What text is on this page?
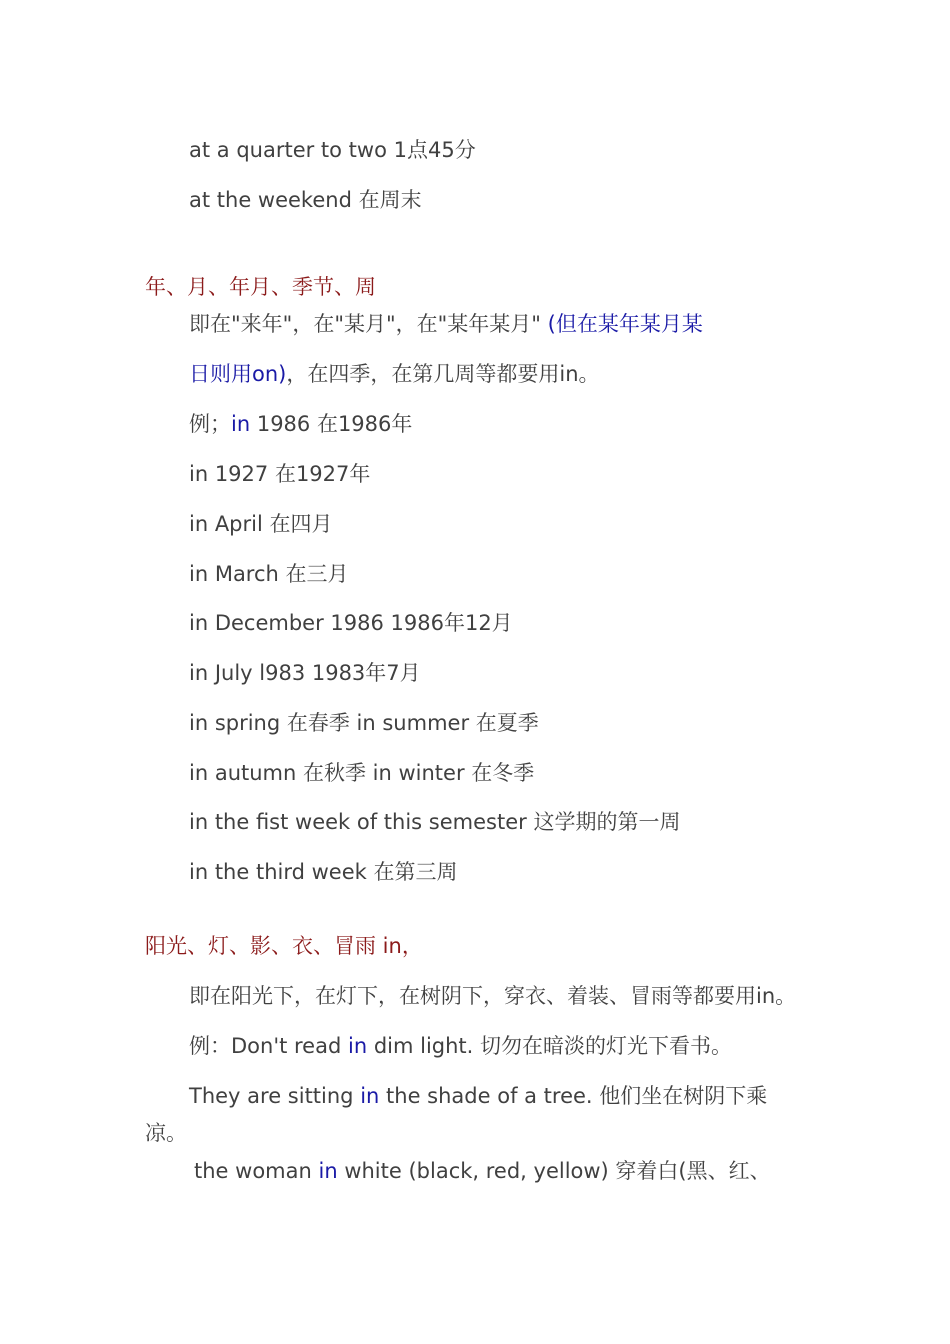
at a quarter to two 1点45分
at the weekend 在周末
年、月、年月、季节、周
即在"来年"，在"某月"，在"某年某月" (但在某年某月某
日则用on)，在四季，在第几周等都要用in。
例；in 1986 在1986年
in 1927 在1927年
in April 在四月
in March 在三月
in December 1986 1986年12月
in July l983 1983年7月
in spring 在春季 in summer 在夏季
in autumn 在秋季 in winter 在冬季
in the fist week of this semester 这学期的第一周
in the third week 在第三周
阳光、灯、影、衣、冒雨 in，
即在阳光下，在灯下，在树阴下，穿衣、着装、冒雨等都要用in。
例：Don't read in dim light. 切勿在暗淡的灯光下看书。
They are sitting in the shade of a tree. 他们坐在树阴下乘
凉。
the woman in white (black, red, yellow) 穿着白(黑、红、
